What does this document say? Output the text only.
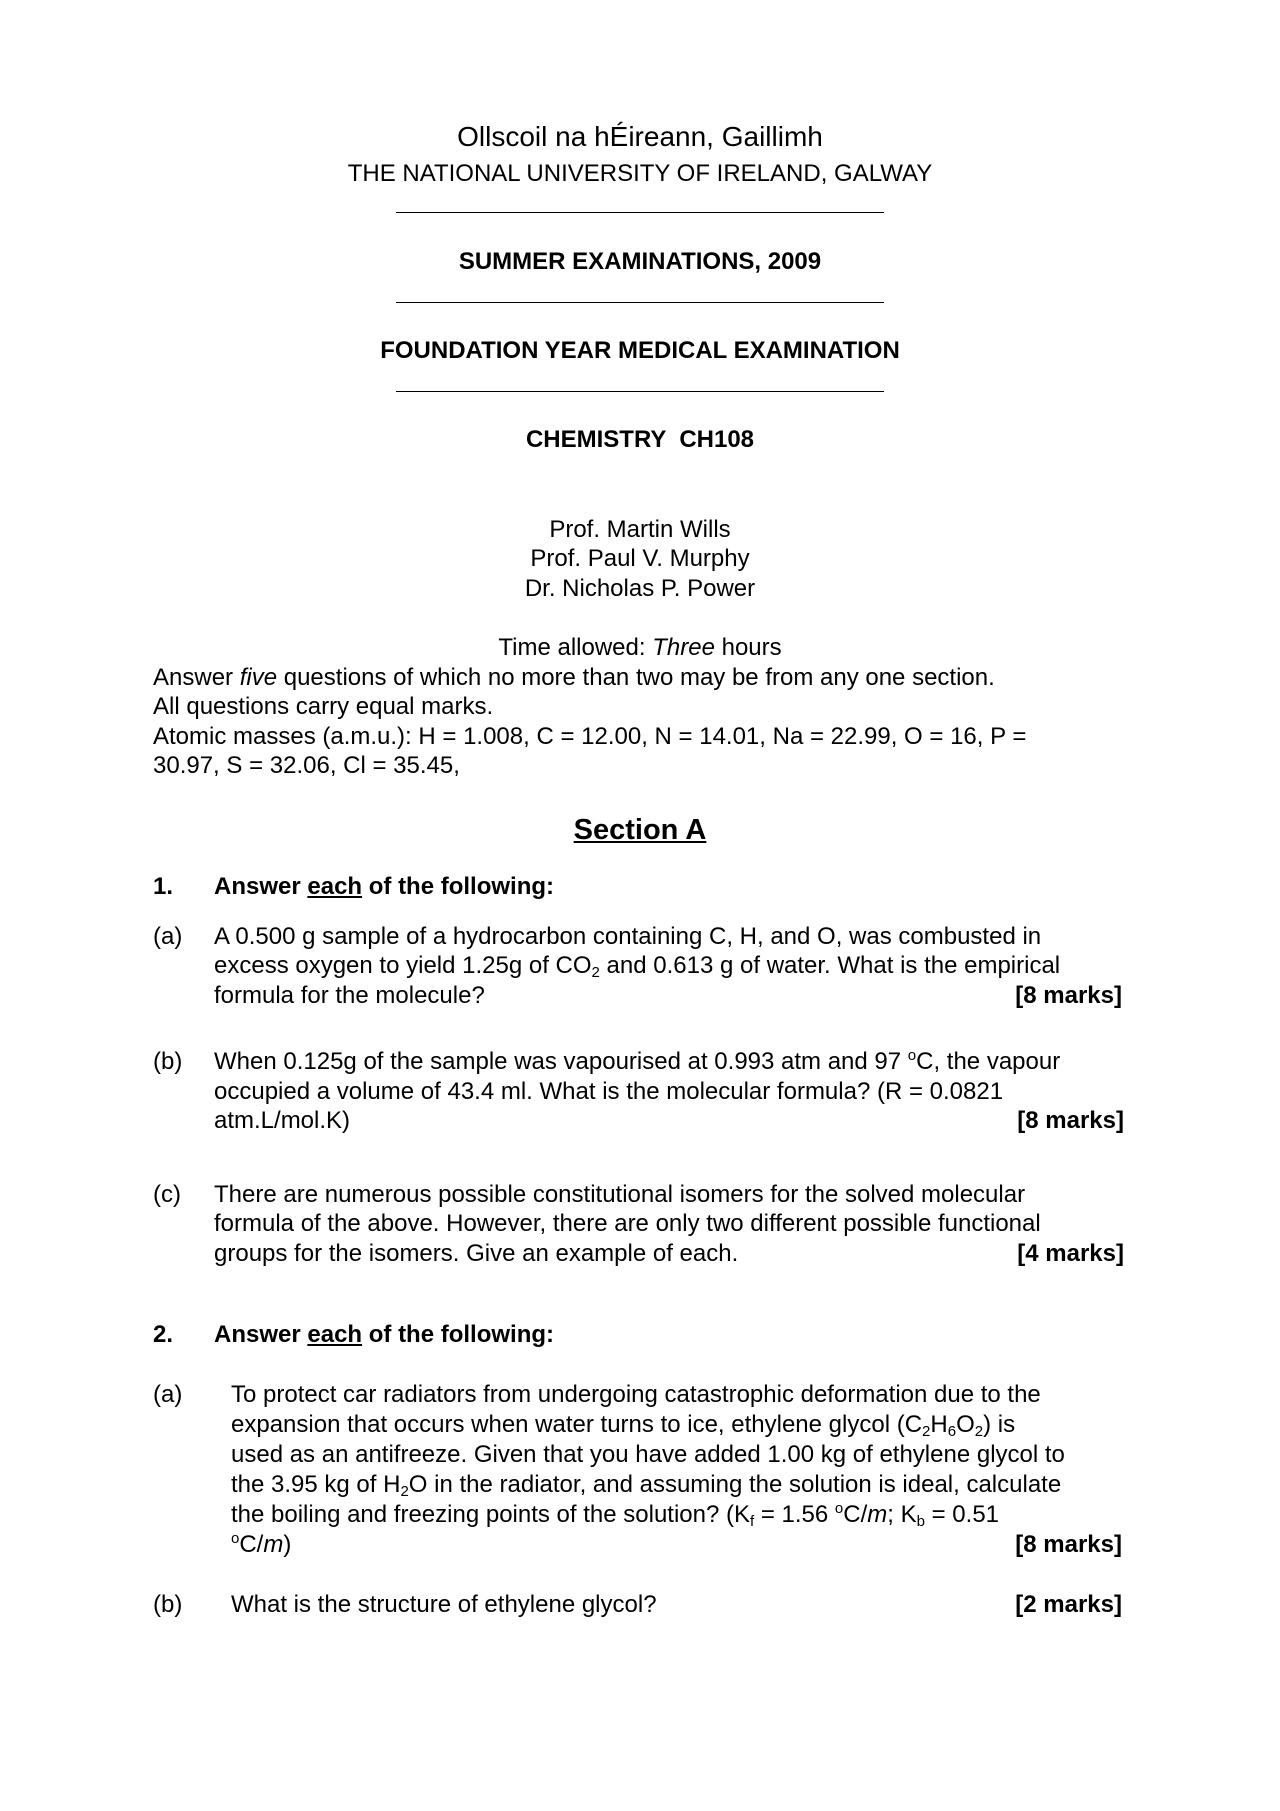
Ollscoil na hÉireann, Gaillimh
THE NATIONAL UNIVERSITY OF IRELAND, GALWAY
SUMMER EXAMINATIONS, 2009
FOUNDATION YEAR MEDICAL EXAMINATION
CHEMISTRY  CH108
Prof. Martin Wills
Prof. Paul V. Murphy
Dr. Nicholas P. Power
Time allowed: Three hours
Answer five questions of which no more than two may be from any one section.
All questions carry equal marks.
Atomic masses (a.m.u.): H = 1.008, C = 12.00, N = 14.01, Na = 22.99, O = 16, P =
30.97, S = 32.06, Cl = 35.45,
Section A
1. Answer each of the following:
(a) A 0.500 g sample of a hydrocarbon containing C, H, and O, was combusted in
excess oxygen to yield 1.25g of $CO_2$ and 0.613 g of water. What is the empirical
formula for the molecule?	[8 marks]
(b) When 0.125g of the sample was vapourised at 0.993 atm and 97 $^o$C, the vapour
occupied a volume of 43.4 ml. What is the molecular formula? (R = 0.0821
atm.L/mol.K)	[8 marks]
(c) There are numerous possible constitutional isomers for the solved molecular
formula of the above. However, there are only two different possible functional
groups for the isomers. Give an example of each.	[4 marks]
2. Answer each of the following:
(a) To protect car radiators from undergoing catastrophic deformation due to the
expansion that occurs when water turns to ice, ethylene glycol $(C_2H_6O_2)$ is
used as an antifreeze. Given that you have added 1.00 kg of ethylene glycol to
the 3.95 kg of $H_2O$ in the radiator, and assuming the solution is ideal, calculate
the boiling and freezing points of the solution? ($K_f = 1.56$ $^o$C/m; $K_b = 0.51$
$^o$C/m)	[8 marks]
(b) What is the structure of ethylene glycol?	[2 marks]
